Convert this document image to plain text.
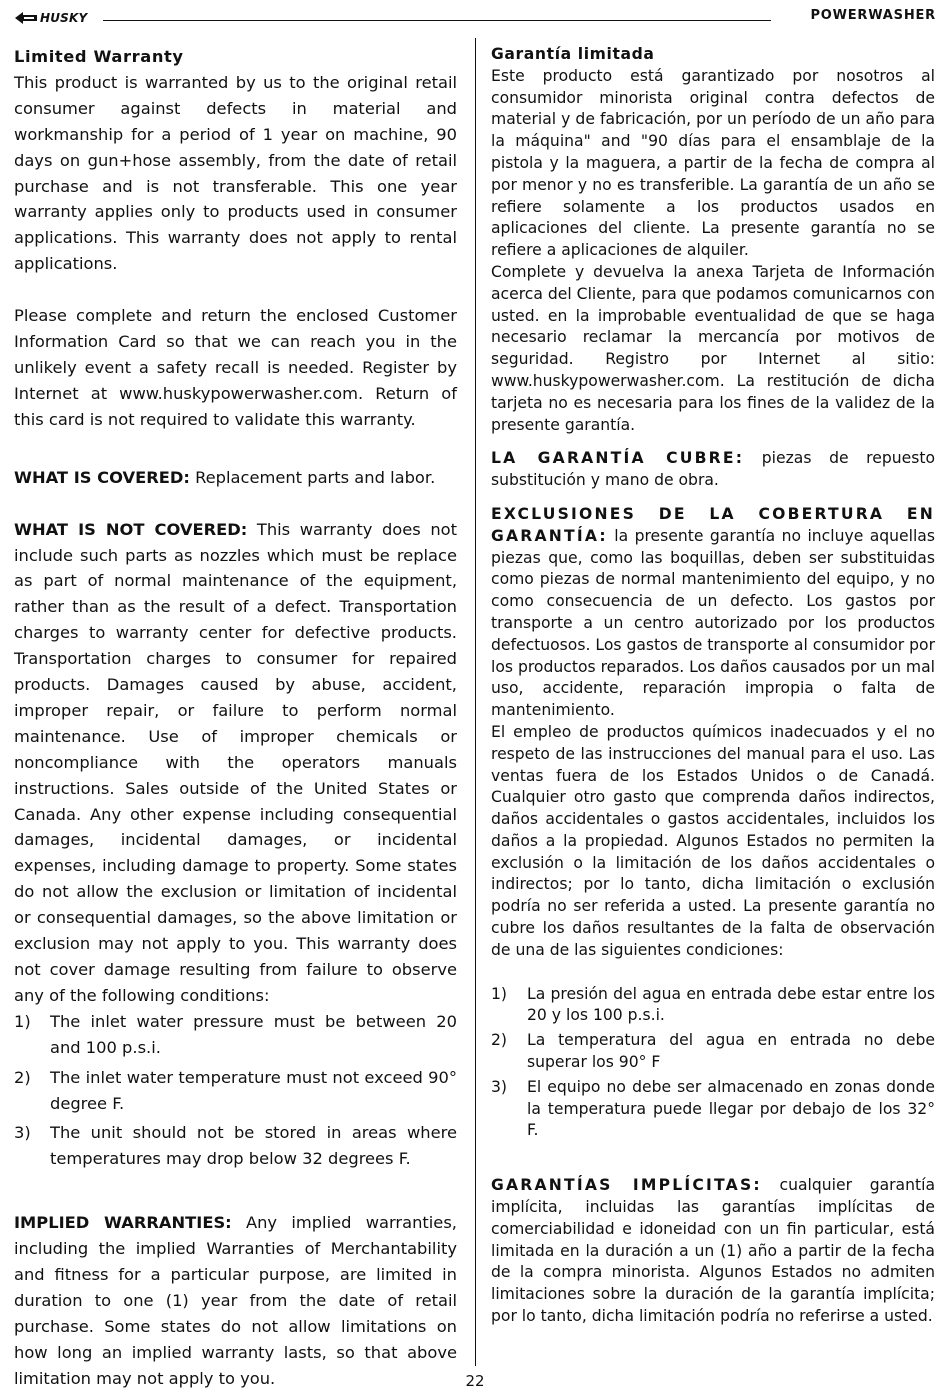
HUSKY	POWERWASHER

Limited Warranty

This product is warranted by us to the original retail consumer against defects in material and workmanship for a period of 1 year on machine, 90 days on gun+hose assembly, from the date of retail purchase and is not transferable. This one year warranty applies only to products used in consumer applications. This warranty does not apply to rental applications.

Please complete and return the enclosed Customer Information Card so that we can reach you in the unlikely event a safety recall is needed. Register by Internet at www.huskypowerwasher.com. Return of this card is not required to validate this warranty.

WHAT IS COVERED: Replacement parts and labor.

WHAT IS NOT COVERED: This warranty does not include such parts as nozzles which must be replace as part of normal maintenance of the equipment, rather than as the result of a defect. Transportation charges to warranty center for defective products. Transportation charges to consumer for repaired products. Damages caused by abuse, accident, improper repair, or failure to perform normal maintenance. Use of improper chemicals or noncompliance with the operators manuals instructions. Sales outside of the United States or Canada. Any other expense including consequential damages, incidental damages, or incidental expenses, including damage to property. Some states do not allow the exclusion or limitation of incidental or consequential damages, so the above limitation or exclusion may not apply to you. This warranty does not cover damage resulting from failure to observe any of the following conditions:

1) The inlet water pressure must be between 20 and 100 p.s.i.
2) The inlet water temperature must not exceed 90° degree F.
3) The unit should not be stored in areas where temperatures may drop below 32 degrees F.

IMPLIED WARRANTIES: Any implied warranties, including the implied Warranties of Merchantability and fitness for a particular purpose, are limited in duration to one (1) year from the date of retail purchase. Some states do not allow limitations on how long an implied warranty lasts, so that above limitation may not apply to you.

Garantía limitada

Este producto está garantizado por nosotros al consumidor minorista original contra defectos de material y de fabricación, por un período de un año para la máquina" and "90 días para el ensamblaje de la pistola y la maguera, a partir de la fecha de compra al por menor y no es transferible. La garantía de un año se refiere solamente a los productos usados en aplicaciones del cliente. La presente garantía no se refiere a aplicaciones de alquiler.

Complete y devuelva la anexa Tarjeta de Información acerca del Cliente, para que podamos comunicarnos con usted. en la improbable eventualidad de que se haga necesario reclamar la mercancía por motivos de seguridad. Registro por Internet al sitio: www.huskypowerwasher.com. La restitución de dicha tarjeta no es necesaria para los fines de la validez de la presente garantía.

LA GARANTÍA CUBRE: piezas de repuesto substitución y mano de obra.

EXCLUSIONES DE LA COBERTURA EN GARANTÍA: la presente garantía no incluye aquellas piezas que, como las boquillas, deben ser substituidas como piezas de normal mantenimiento del equipo, y no como consecuencia de un defecto. Los gastos por transporte a un centro autorizado por los productos defectuosos. Los gastos de transporte al consumidor por los productos reparados. Los daños causados por un mal uso, accidente, reparación impropia o falta de mantenimiento.

El empleo de productos químicos inadecuados y el no respeto de las instrucciones del manual para el uso. Las ventas fuera de los Estados Unidos o de Canadá. Cualquier otro gasto que comprenda daños indirectos, daños accidentales o gastos accidentales, incluidos los daños a la propiedad. Algunos Estados no permiten la exclusión o la limitación de los daños accidentales o indirectos; por lo tanto, dicha limitación o exclusión podría no ser referida a usted. La presente garantía no cubre los daños resultantes de la falta de observación de una de las siguientes condiciones:

1) La presión del agua en entrada debe estar entre los 20 y los 100 p.s.i.
2) La temperatura del agua en entrada no debe superar los 90° F
3) El equipo no debe ser almacenado en zonas donde la temperatura puede llegar por debajo de los 32° F.

GARANTÍAS IMPLÍCITAS: cualquier garantía implícita, incluidas las garantías implícitas de comerciabilidad e idoneidad con un fin particular, está limitada en la duración a un (1) año a partir de la fecha de la compra minorista. Algunos Estados no admiten limitaciones sobre la duración de la garantía implícita; por lo tanto, dicha limitación podría no referirse a usted.

22
